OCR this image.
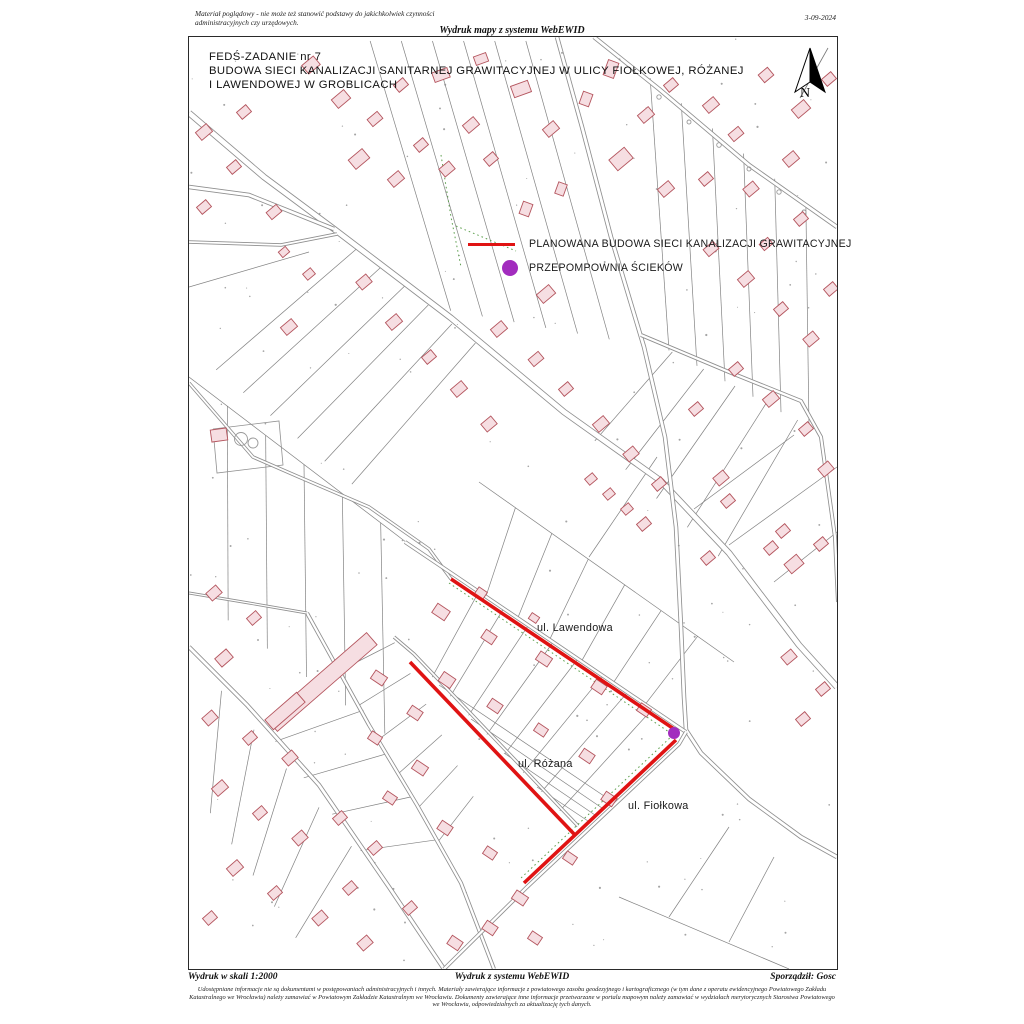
Materiał poglądowy - nie może też stanowić podstawy do jakichkolwiek czynności
administracyjnych czy urzędowych.
3-09-2024
Wydruk mapy z systemu WebEWID
ul. Lawendowa
ul. Różana
ul. Fiołkowa
FEDŚ-ZADANIE nr 7
BUDOWA SIECI KANALIZACJI SANITARNEJ GRAWITACYJNEJ W ULICY FIOŁKOWEJ, RÓŻANEJ
I LAWENDOWEJ W GROBLICACH
PLANOWANA BUDOWA SIECI KANALIZACJI GRAWITACYJNEJ
PRZEPOMPOWNIA ŚCIEKÓW
N
Wydruk w skali 1:2000	Wydruk z systemu WebEWID	Sporządził: Gosc
Udostępniane informacje nie są dokumentami w postępowaniach administracyjnych i innych. Materiały zawierające informacje z powiatowego zasobu geodezyjnego i kartograficznego (w tym dane z operatu ewidencyjnego Powiatowego Zakładu Katastralnego we Wrocławiu) należy zamawiać w Powiatowym Zakładzie Katastralnym we Wrocławiu. Dokumenty zawierające inne informacje przetwarzane w portalu mapowym należy zamawiać w wydziałach merytorycznych Starostwa Powiatowego we Wrocławiu, odpowiedzialnych za aktualizację tych danych.
